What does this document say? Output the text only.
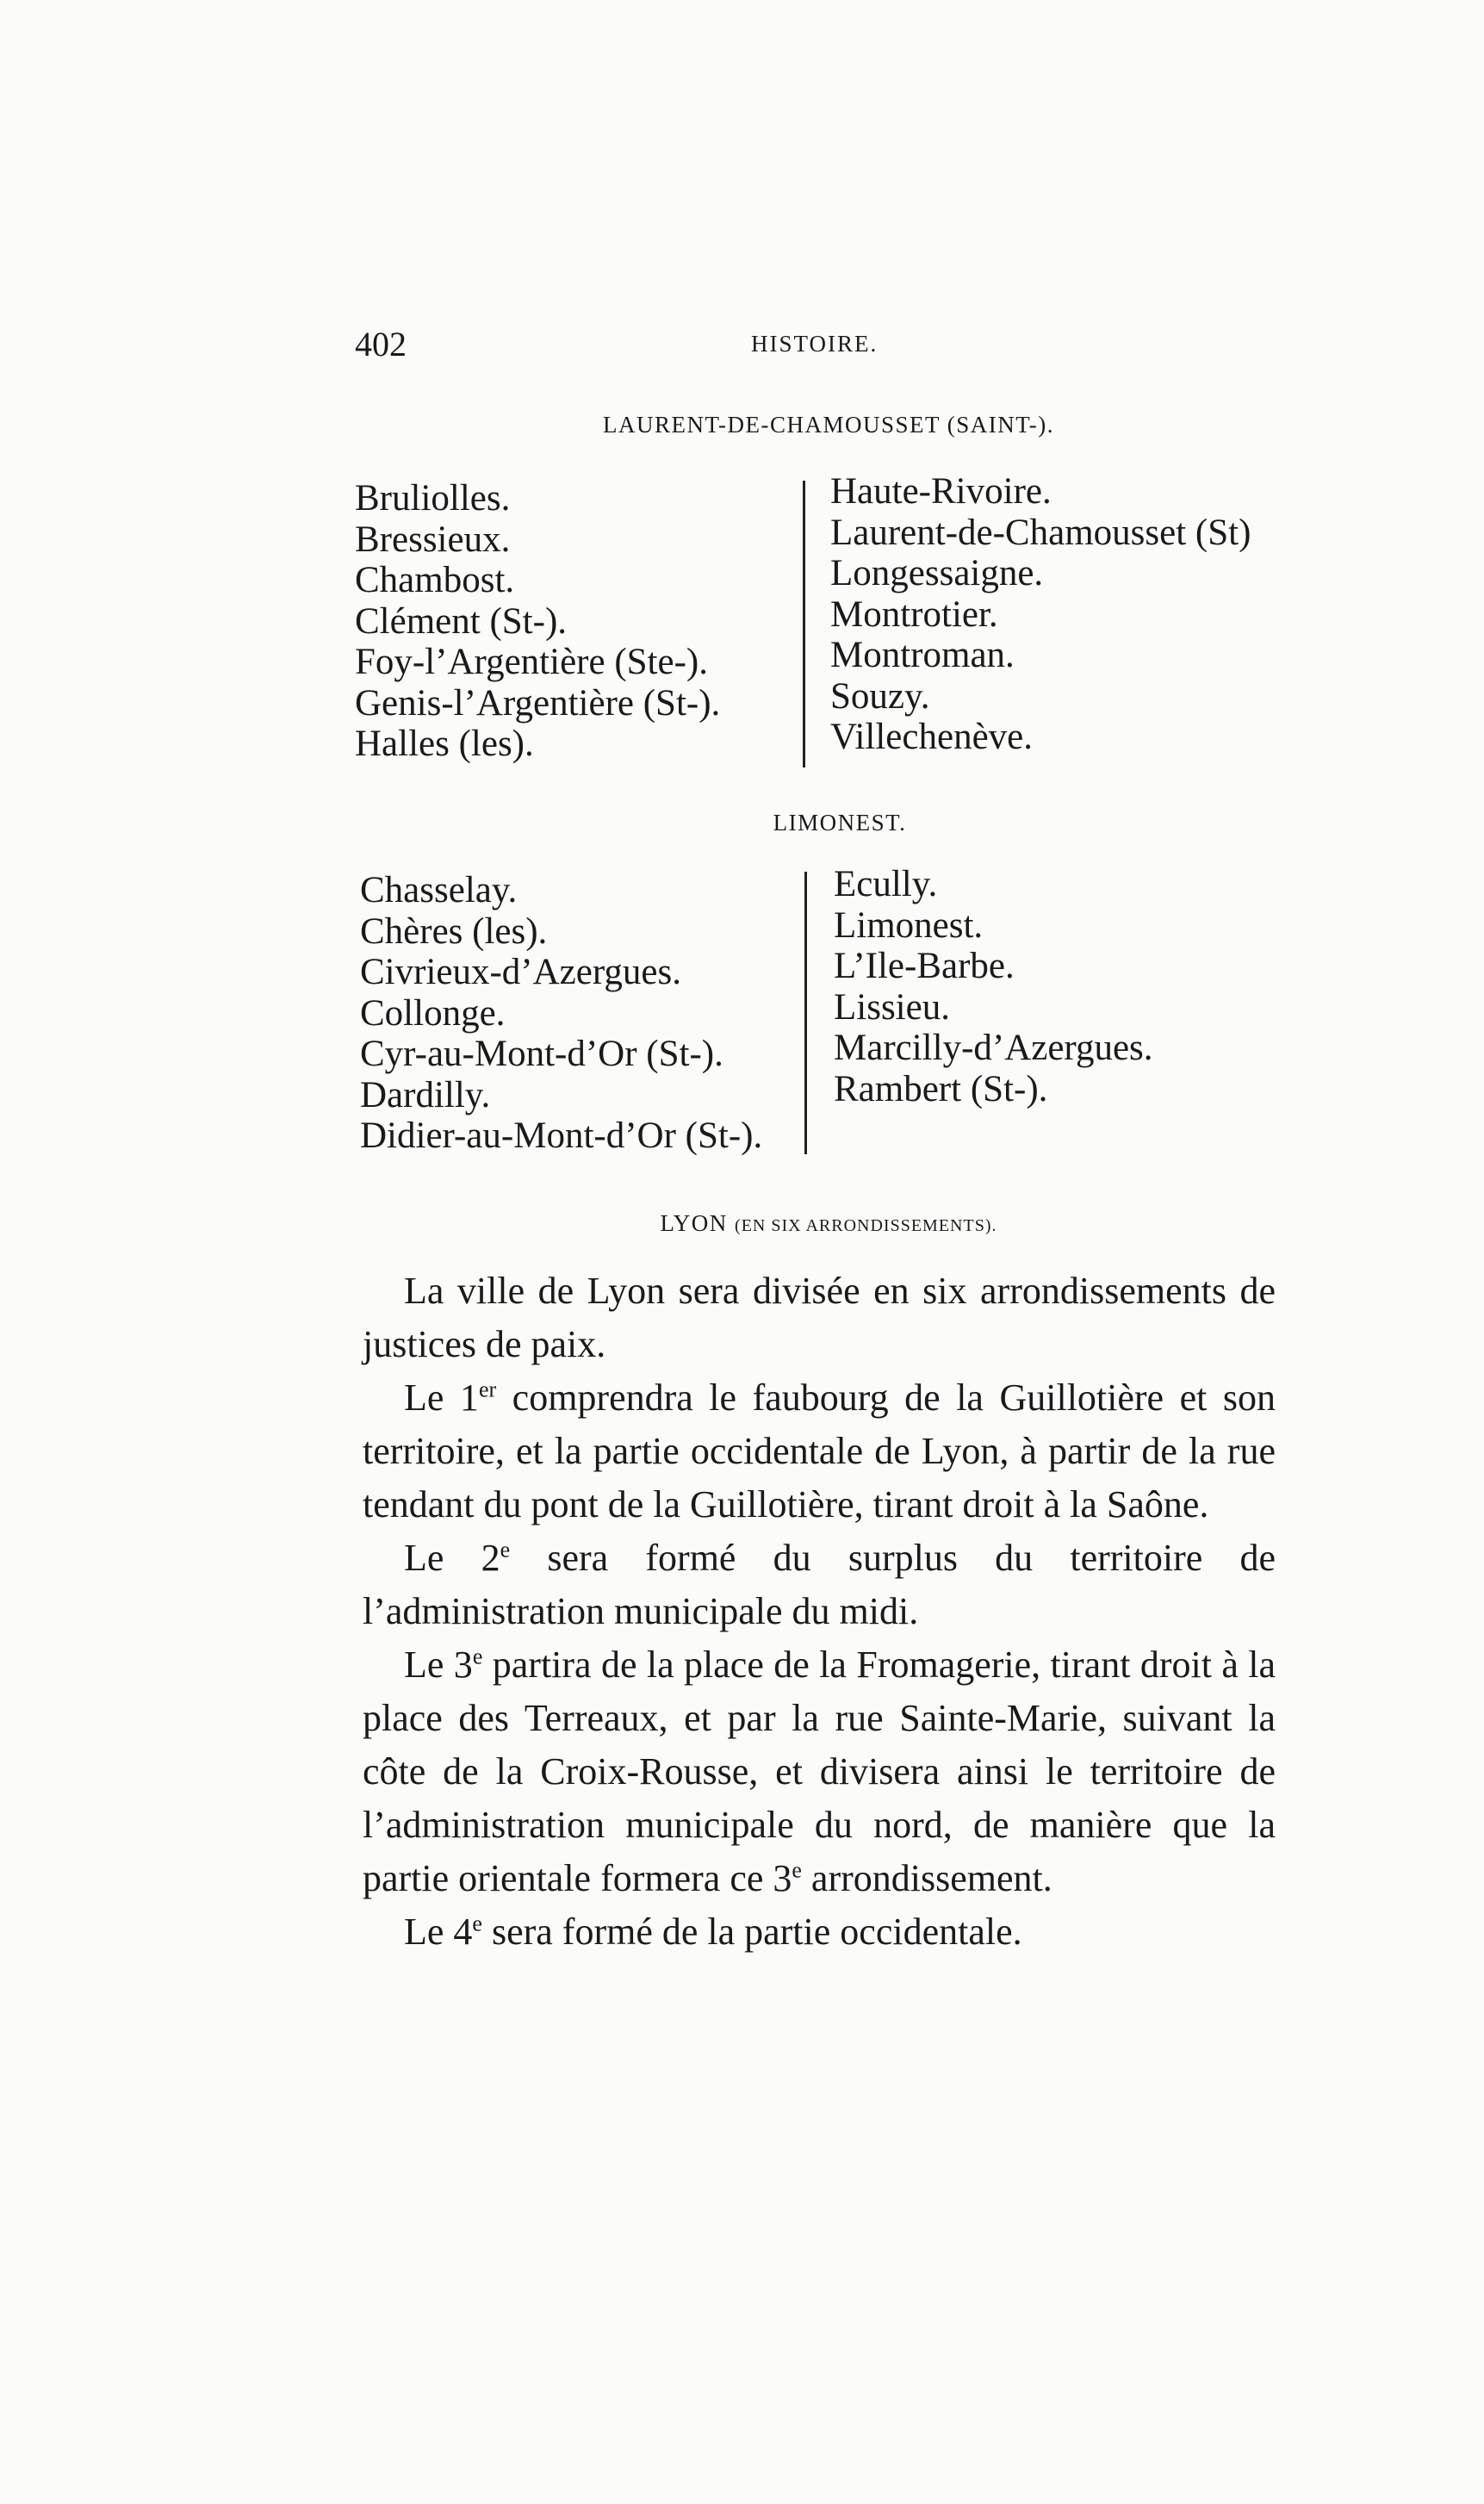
402	HISTOIRE.
LAURENT-DE-CHAMOUSSET (SAINT-).
Bruliolles.
Bressieux.
Chambost.
Clément (St-).
Foy-l’Argentière (Ste-).
Genis-l’Argentière (St-).
Halles (les).
Haute-Rivoire.
Laurent-de-Chamousset (St)
Longessaigne.
Montrotier.
Montroman.
Souzy.
Villechenève.
LIMONEST.
Chasselay.
Chères (les).
Civrieux-d’Azergues.
Collonge.
Cyr-au-Mont-d’Or (St-).
Dardilly.
Didier-au-Mont-d’Or (St-).
Ecully.
Limonest.
L’Ile-Barbe.
Lissieu.
Marcilly-d’Azergues.
Rambert (St-).
LYON (EN SIX ARRONDISSEMENTS).

La ville de Lyon sera divisée en six arrondissements de justices de paix.

Le 1er comprendra le faubourg de la Guillotière et son territoire, et la partie occidentale de Lyon, à partir de la rue tendant du pont de la Guillotière, tirant droit à la Saône.

Le 2e sera formé du surplus du territoire de l’administration municipale du midi.

Le 3e partira de la place de la Fromagerie, tirant droit à la place des Terreaux, et par la rue Sainte-Marie, suivant la côte de la Croix-Rousse, et divisera ainsi le territoire de l’administration municipale du nord, de manière que la partie orientale formera ce 3e arrondissement.

Le 4e sera formé de la partie occidentale.
